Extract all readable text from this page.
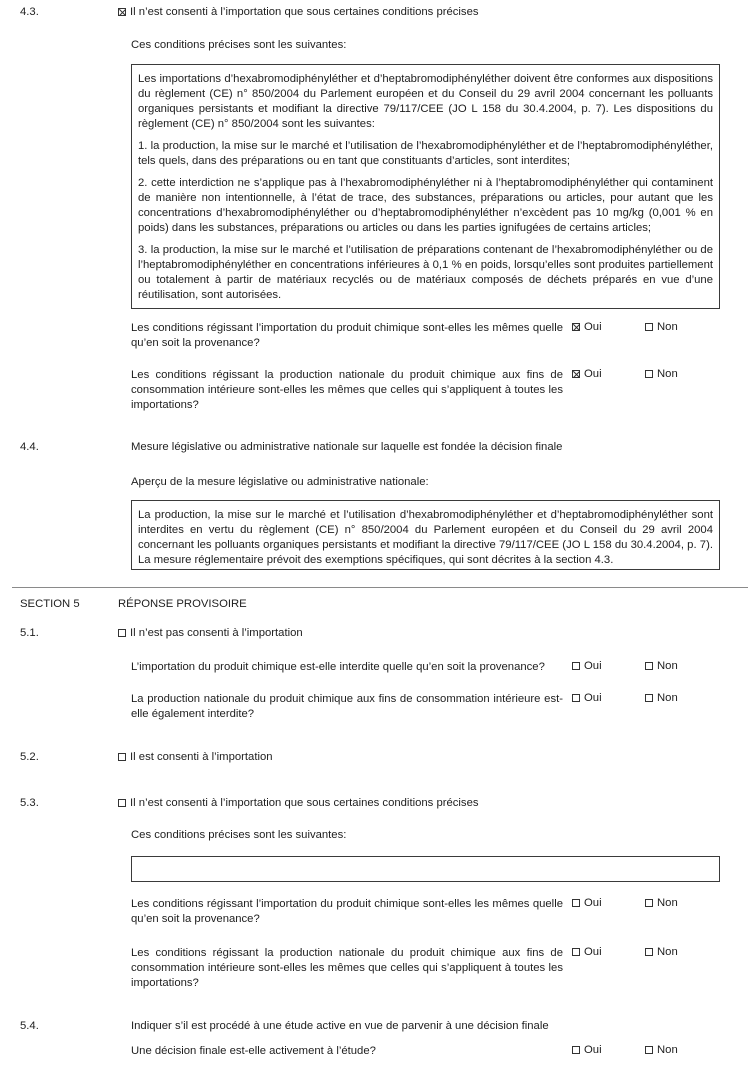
4.3.	Il n’est consenti à l’importation que sous certaines conditions précises
Ces conditions précises sont les suivantes:
Les importations d’hexabromodiphényléther et d’heptabromodiphényléther doivent être conformes aux dispositions du règlement (CE) n° 850/2004 du Parlement européen et du Conseil du 29 avril 2004 concernant les polluants organiques persistants et modifiant la directive 79/117/CEE (JO L 158 du 30.4.2004, p. 7). Les dispositions du règlement (CE) n° 850/2004 sont les suivantes:
1. la production, la mise sur le marché et l’utilisation de l’hexabromodiphényléther et de l’heptabromodiphényléther, tels quels, dans des préparations ou en tant que constituants d’articles, sont interdites;
2. cette interdiction ne s’applique pas à l’hexabromodiphényléther ni à l’heptabromodiphényléther qui contaminent de manière non intentionnelle, à l’état de trace, des substances, préparations ou articles, pour autant que les concentrations d’hexabromodiphényléther ou d’heptabromodiphényléther n’excèdent pas 10 mg/kg (0,001 % en poids) dans les substances, préparations ou articles ou dans les parties ignifugées de certains articles;
3. la production, la mise sur le marché et l’utilisation de préparations contenant de l’hexabromodiphényléther ou de l’heptabromodiphényléther en concentrations inférieures à 0,1 % en poids, lorsqu’elles sont produites partiellement ou totalement à partir de matériaux recyclés ou de matériaux composés de déchets préparés en vue d’une réutilisation, sont autorisées.
Les conditions régissant l’importation du produit chimique sont-elles les mêmes quelle qu’en soit la provenance?
Oui	Non
Les conditions régissant la production nationale du produit chimique aux fins de consommation intérieure sont-elles les mêmes que celles qui s’appliquent à toutes les importations?
Oui	Non
4.4.	Mesure législative ou administrative nationale sur laquelle est fondée la décision finale
Aperçu de la mesure législative ou administrative nationale:
La production, la mise sur le marché et l’utilisation d’hexabromodiphényléther et d’heptabromodiphényléther sont interdites en vertu du règlement (CE) n° 850/2004 du Parlement européen et du Conseil du 29 avril 2004 concernant les polluants organiques persistants et modifiant la directive 79/117/CEE (JO L 158 du 30.4.2004, p. 7). La mesure réglementaire prévoit des exemptions spécifiques, qui sont décrites à la section 4.3.
SECTION 5	RÉPONSE PROVISOIRE
5.1.	Il n’est pas consenti à l’importation
L’importation du produit chimique est-elle interdite quelle qu’en soit la provenance?	Oui	Non
La production nationale du produit chimique aux fins de consommation intérieure est-elle également interdite?
Oui	Non
5.2.	Il est consenti à l’importation
5.3.	Il n’est consenti à l’importation que sous certaines conditions précises
Ces conditions précises sont les suivantes:
Les conditions régissant l’importation du produit chimique sont-elles les mêmes quelle qu’en soit la provenance?
Oui	Non
Les conditions régissant la production nationale du produit chimique aux fins de consommation intérieure sont-elles les mêmes que celles qui s’appliquent à toutes les importations?
Oui	Non
5.4.	Indiquer s’il est procédé à une étude active en vue de parvenir à une décision finale
Une décision finale est-elle activement à l’étude?	Oui	Non
